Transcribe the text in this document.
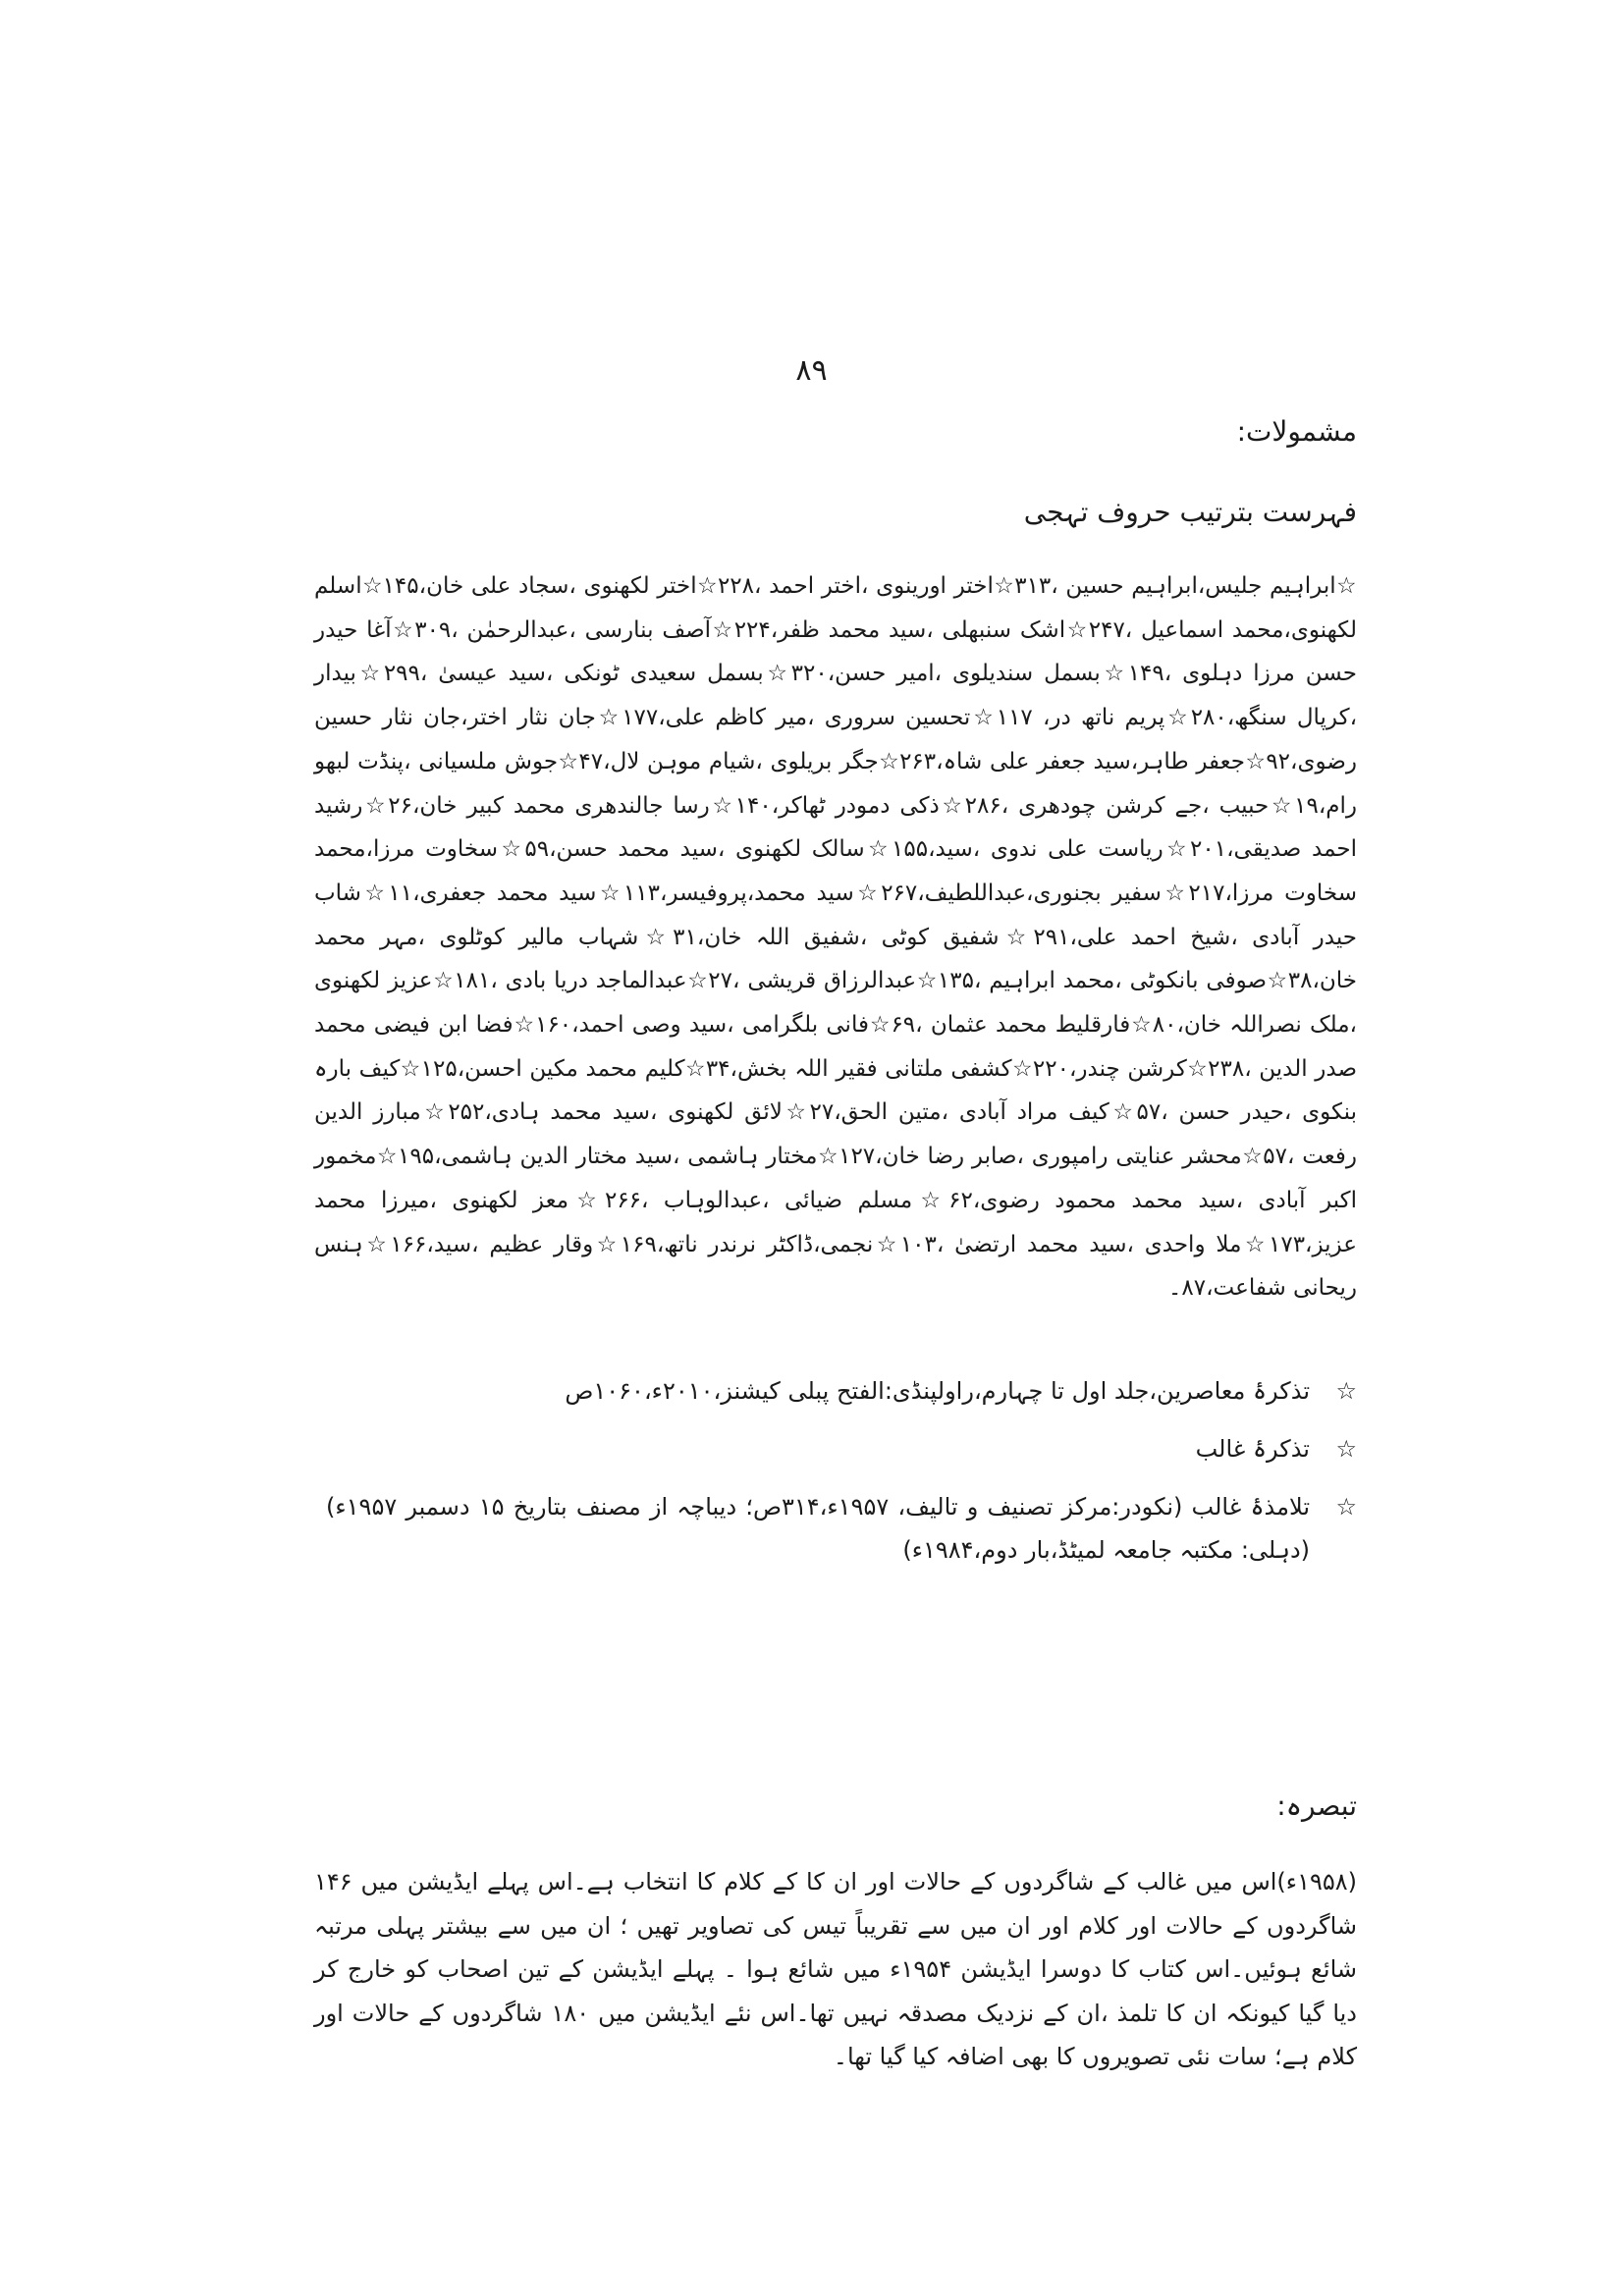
٨٩
مشمولات:
فہرست بترتیب حروف تہجی
☆ابراہیم جلیس،ابراہیم حسین ،۳۱۳☆اختر اورینوی ،اختر احمد ،۲۲۸☆اختر لکھنوی ،سجاد علی خان،۱۴۵☆اسلم لکھنوی،محمد اسماعیل ،۲۴۷☆اشک سنبھلی ،سید محمد ظفر،۲۲۴☆آصف بنارسی ،عبدالرحمٰن ،۳۰۹☆آغا حیدر حسن مرزا دہلوی ،۱۴۹☆بسمل سندیلوی ،امیر حسن،۳۲۰☆بسمل سعیدی ٹونکی ،سید عیسیٰ ،۲۹۹☆بیدار ،کرپال سنگھ،۲۸۰☆پریم ناتھ در، ۱۱۷☆تحسین سروری ،میر کاظم علی،۱۷۷☆جان نثار اختر،جان نثار حسین رضوی،۹۲☆جعفر طاہر،سید جعفر علی شاہ،۲۶۳☆جگر بریلوی ،شیام موہن لال،۴۷☆جوش ملسیانی ،پنڈت لبھو رام،۱۹☆حبیب ،جے کرشن چودھری ،۲۸۶☆ذکی دمودر ٹھاکر،۱۴۰☆رسا جالندھری محمد کبیر خان،۲۶☆رشید احمد صدیقی،۲۰۱☆ریاست علی ندوی ،سید،۱۵۵☆سالک لکھنوی ،سید محمد حسن،۵۹☆سخاوت مرزا،محمد سخاوت مرزا،۲۱۷☆سفیر بجنوری،عبداللطیف،۲۶۷☆سید محمد،پروفیسر،۱۱۳☆سید محمد جعفری،۱۱☆شاب حیدر آبادی ،شیخ احمد علی،۲۹۱☆شفیق کوٹی ،شفیق اللہ خان،۳۱☆شہاب مالیر کوٹلوی ،مہر محمد خان،۳۸☆صوفی بانکوٹی ،محمد ابراہیم ،۱۳۵☆عبدالرزاق قریشی ،۲۷☆عبدالماجد دریا بادی ،۱۸۱☆عزیز لکھنوی ،ملک نصراللہ خان،۸۰☆فارقلیط محمد عثمان ،۶۹☆فانی بلگرامی ،سید وصی احمد،۱۶۰☆فضا ابن فیضی محمد صدر الدین ،۲۳۸☆کرشن چندر،۲۲۰☆کشفی ملتانی فقیر اللہ بخش،۳۴☆کلیم محمد مکین احسن،۱۲۵☆کیف بارہ بنکوی ،حیدر حسن ،۵۷☆کیف مراد آبادی ،متین الحق،۲۷☆لائق لکھنوی ،سید محمد ہادی،۲۵۲☆مبارز الدین رفعت ،۵۷☆محشر عنایتی رامپوری ،صابر رضا خان،۱۲۷☆مختار ہاشمی ،سید مختار الدین ہاشمی،۱۹۵☆مخمور اکبر آبادی ،سید محمد محمود رضوی،۶۲☆مسلم ضیائی ،عبدالوہاب ،۲۶۶☆معز لکھنوی ،میرزا محمد عزیز،۱۷۳☆ملا واحدی ،سید محمد ارتضیٰ ،۱۰۳☆نجمی،ڈاکٹر نرندر ناتھ،۱۶۹☆وقار عظیم ،سید،۱۶۶☆ہنس ریحانی شفاعت،۸۷۔
☆
تذکرۂ معاصرین،جلد اول تا چہارم،راولپنڈی:الفتح پبلی کیشنز،۲۰۱۰ء،۱۰۶۰ص
☆
تذکرۂ غالب
☆
تلامذۂ غالب (نکودر:مرکز تصنیف و تالیف، ۱۹۵۷ء،۳۱۴ص؛ دیباچہ از مصنف بتاریخ ۱۵ دسمبر ۱۹۵۷ء)(دہلی: مکتبہ جامعہ لمیٹڈ،بار دوم،۱۹۸۴ء)
تبصرہ:
(۱۹۵۸ء)اس میں غالب کے شاگردوں کے حالات اور ان کا کے کلام کا انتخاب ہے۔اس پہلے ایڈیشن میں ۱۴۶ شاگردوں کے حالات اور کلام اور ان میں سے تقریباً تیس کی تصاویر تھیں ؛ ان میں سے بیشتر پہلی مرتبہ شائع ہوئیں۔اس کتاب کا دوسرا ایڈیشن ۱۹۵۴ء میں شائع ہوا ۔ پہلے ایڈیشن کے تین اصحاب کو خارج کر دیا گیا کیونکہ ان کا تلمذ ،ان کے نزدیک مصدقہ نہیں تھا۔اس نئے ایڈیشن میں ۱۸۰ شاگردوں کے حالات اور کلام ہے؛ سات نئی تصویروں کا بھی اضافہ کیا گیا تھا۔
